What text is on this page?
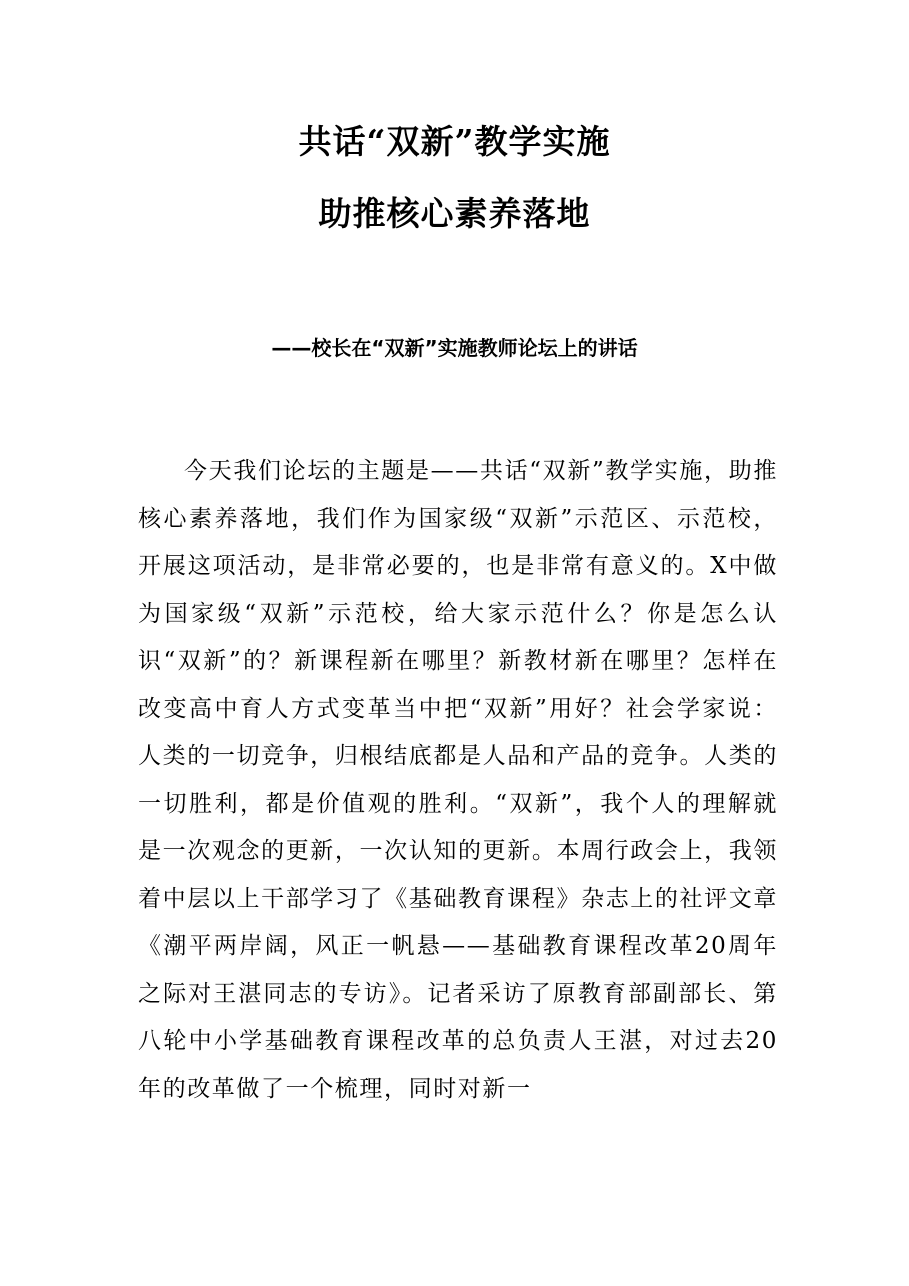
共话“双新”教学实施
助推核心素养落地
——校长在“双新”实施教师论坛上的讲话

今天我们论坛的主题是——共话“双新”教学实施，助推核心素养落地，我们作为国家级“双新”示范区、示范校，开展这项活动，是非常必要的，也是非常有意义的。X中做为国家级“双新”示范校，给大家示范什么？你是怎么认识“双新”的？新课程新在哪里？新教材新在哪里？怎样在改变高中育人方式变革当中把“双新”用好？社会学家说：人类的一切竞争，归根结底都是人品和产品的竞争。人类的一切胜利，都是价值观的胜利。“双新”，我个人的理解就是一次观念的更新，一次认知的更新。本周行政会上，我领着中层以上干部学习了《基础教育课程》杂志上的社评文章《潮平两岸阔，风正一帆悬——基础教育课程改革20周年之际对王湛同志的专访》。记者采访了原教育部副部长、第八轮中小学基础教育课程改革的总负责人王湛，对过去20年的改革做了一个梳理，同时对新一
